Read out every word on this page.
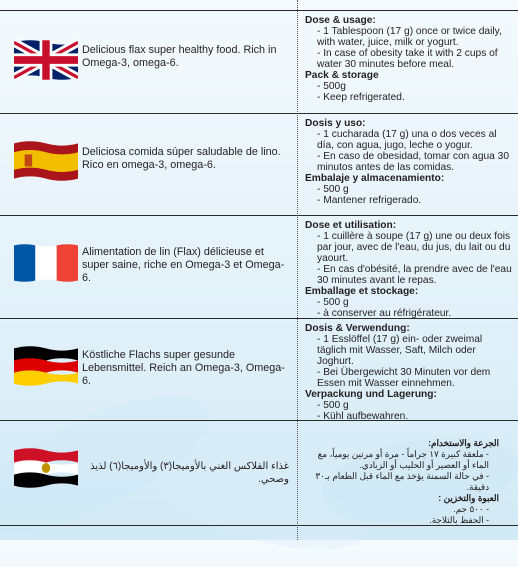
Delicious flax super healthy food. Rich in Omega-3, omega-6.
Dose & usage:
- 1 Tablespoon (17 g) once or twice daily, with water, juice, milk or yogurt.
- In case of obesity take it with 2 cups of water 30 minutes before meal.
Pack & storage
- 500g
- Keep refrigerated.
Deliciosa comida súper saludable de lino. Rico en omega-3, omega-6.
Dosis y uso:
- 1 cucharada (17 g) una o dos veces al día, con agua, jugo, leche o yogur.
- En caso de obesidad, tomar con agua 30 minutos antes de las comidas.
Embalaje y almacenamiento:
- 500 g
- Mantener refrigerado.
Alimentation de lin (Flax) délicieuse et super saine, riche en Omega-3 et Omega-6.
Dose et utilisation:
- 1 cuillère à soupe (17 g) une ou deux fois par jour, avec de l'eau, du jus, du lait ou du yaourt.
- En cas d'obésité, la prendre avec de l'eau 30 minutes avant le repas.
Emballage et stockage:
- 500 g
- à conserver au réfrigérateur.
Köstliche Flachs super gesunde Lebensmittel. Reich an Omega-3, Omega-6.
Dosis & Verwendung:
- 1 Esslöffel (17 g) ein- oder zweimal täglich mit Wasser, Saft, Milch oder Joghurt.
- Bei Übergewicht 30 Minuten vor dem Essen mit Wasser einnehmen.
Verpackung und Lagerung:
- 500 g
- Kühl aufbewahren.
غذاء الفلاكس الغني بالأوميجا(٣) والأوميجا(٦) لذيذ وصحي.
الجرعة والاستخدام:
- ملعقة كبيرة ١٧ جراماً - مرة أو مرتين يومياً، مع الماء أو العصير أو الحليب أو الزبادي.
- في حالة السمنة يؤخذ مع الماء قبل الطعام بـ٣٠ دقيقة.
العبوة والتخزين :
- ٥٠٠ جم.
- الحفظ بالثلاجة.
